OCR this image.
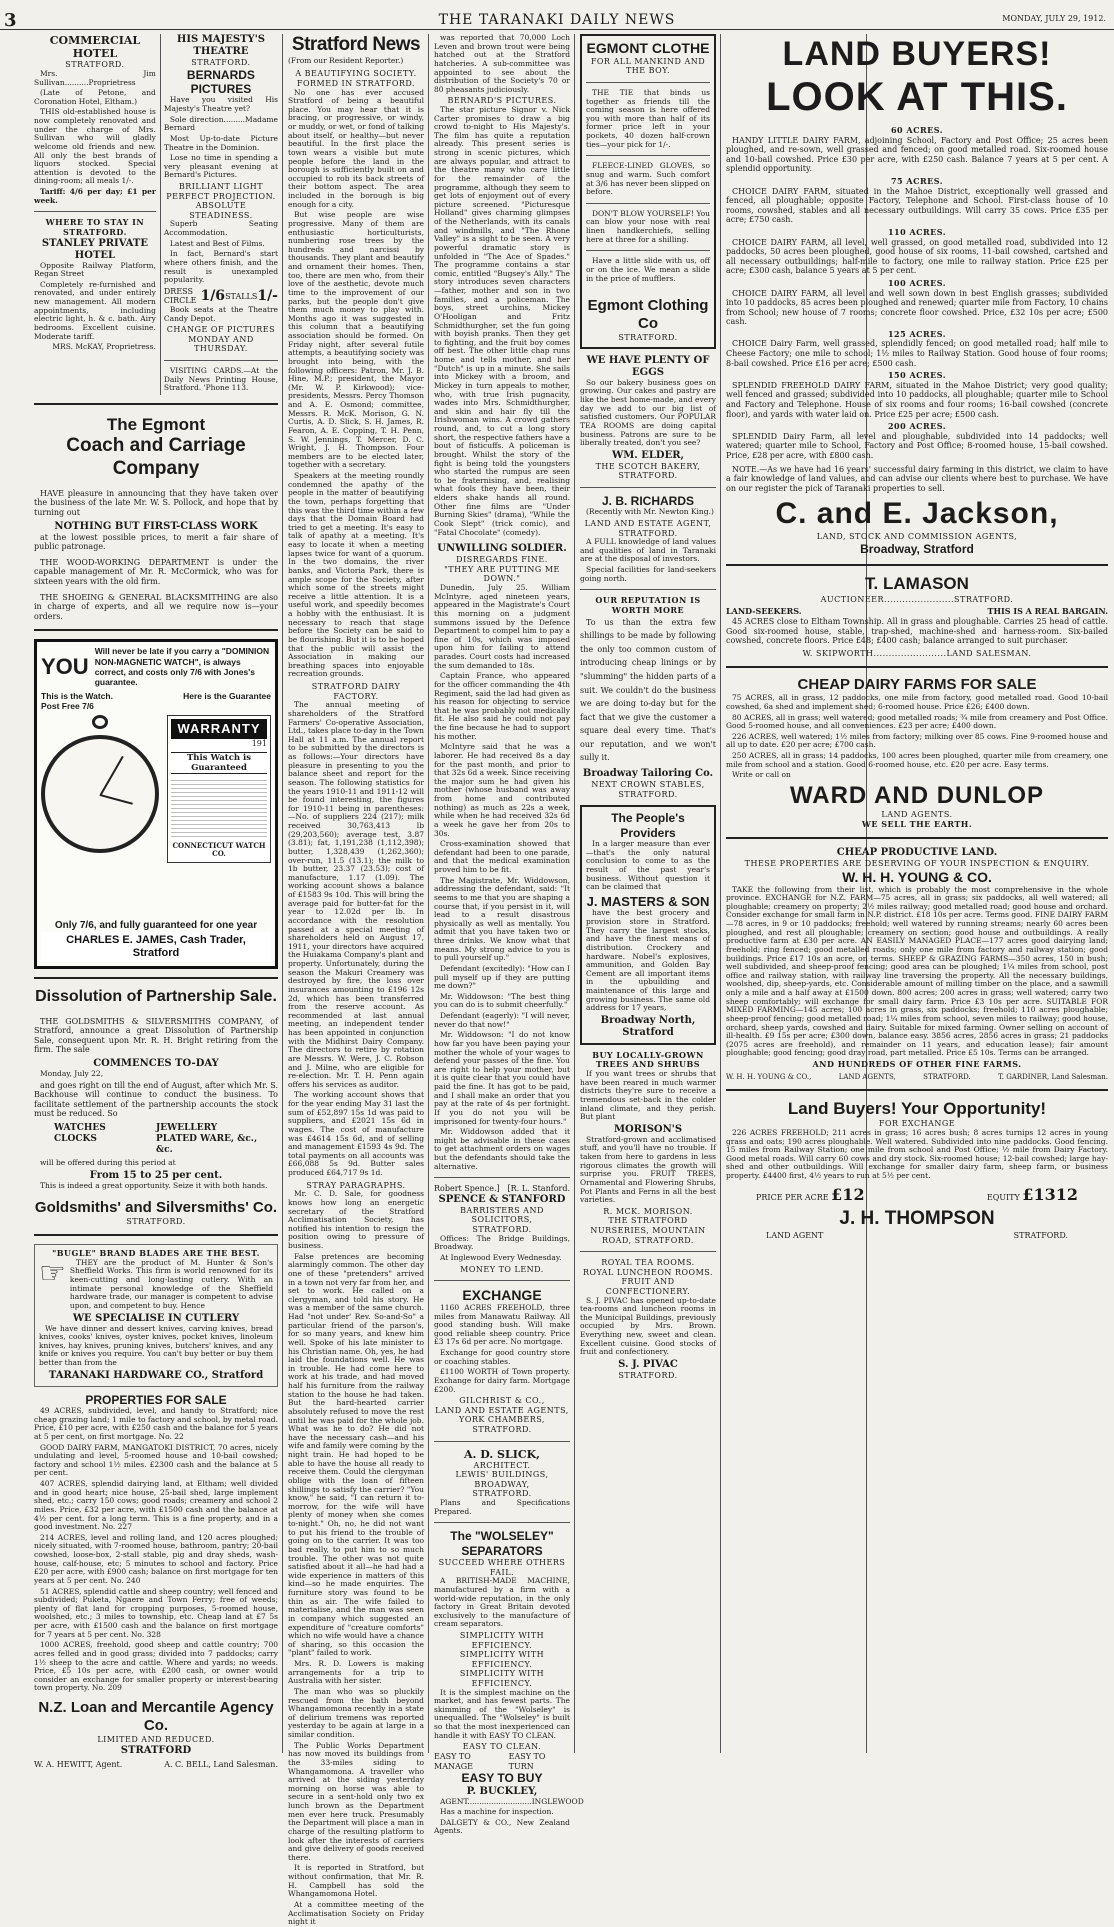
3	THE TARANAKI DAILY NEWS	MONDAY, JULY 29, 1912.
COMMERCIAL HOTEL
STRATFORD.
Mrs. Jim Sullivan..........Proprietress
(Late of Petone, and Coronation Hotel, Eltham.)
THIS old-established house is now completely renovated and under the charge of Mrs. Sullivan who will gladly welcome old friends and new. All only the best brands of liquors stocked. Special attention is devoted to the dining-room; all meals 1/-.
Tariff: 4/6 per day; £1 per week.
WHERE TO STAY IN STRATFORD.
STANLEY PRIVATE HOTEL
Opposite Railway Platform, Regan Street
Completely re-furnished and renovated, and under entirely new management. All modern appointments, including electric light, h. & c. bath. Airy bedrooms. Excellent cuisine. Moderate tariff.
MRS. McKAY, Proprietress.
HIS MAJESTY'S THEATRE
STRATFORD.
BERNARDS PICTURES
Have you visited His Majesty's Theatre yet?
Sole direction.........Madame Bernard
Most Up-to-date Picture Theatre in the Dominion.
Lose no time in spending a very pleasant evening at Bernard's Pictures.
BRILLIANT LIGHT
PERFECT PROJECTION.
ABSOLUTE STEADINESS.
Superb Seating Accommodation.
Latest and Best of Films.
In fact, Bernard's start where others finish, and the result is unexampled popularity.
DRESS CIRCLE 1/6 STALLS 1/-
Book seats at the Theatre Candy Depot.
CHANGE OF PICTURES
MONDAY AND THURSDAY.
VISITING CARDS.—At the Daily News Printing House, Stratford. 'Phone 113.
The Egmont
Coach and Carriage Company
HAVE pleasure in announcing that they have taken over the business of the late Mr. W. S. Pollock, and hope that by turning out
NOTHING BUT FIRST-CLASS WORK
at the lowest possible prices, to merit a fair share of public patronage.
THE WOOD-WORKING DEPARTMENT is under the capable management of Mr. R. McCormick, who was for sixteen years with the old firm.
THE SHOEING & GENERAL BLACKSMITHING are also in charge of experts, and all we require now is—your orders.
YOU
Will never be late if you carry a "DOMINION NON-MAGNETIC WATCH", is always correct, and costs only 7/6 with Jones's guarantee.
This is the Watch.	Here is the Guarantee
Post Free 7/6
WARRANTY
191
This Watch is Guaranteed
CONNECTICUT WATCH CO.
Only 7/6, and fully guaranteed for one year
CHARLES E. JAMES, Cash Trader, Stratford
Dissolution of Partnership Sale.
THE GOLDSMITHS & SILVERSMITHS COMPANY, of Stratford, announce a great Dissolution of Partnership Sale, consequent upon Mr. R. H. Bright retiring from the firm. The sale
COMMENCES TO-DAY
Monday, July 22,
and goes right on till the end of August, after which Mr. S. Backhouse will continue to conduct the business. To facilitate settlement of the partnership accounts the stock must be reduced. So
WATCHES	JEWELLERY
CLOCKS	PLATED WARE, &c., &c.
will be offered during this period at
From 15 to 25 per cent.
This is indeed a great opportunity. Seize it with both hands.
Goldsmiths' and Silversmiths' Co.
STRATFORD.
"BUGLE" BRAND BLADES ARE THE BEST.
☞	THEY are the product of M. Hunter & Son's Sheffield Works. This firm is world renowned for its keen-cutting and long-lasting cutlery. With an intimate personal knowledge of the Sheffield hardware trade, our manager is competent to advise upon, and competent to buy. Hence
WE SPECIALISE IN CUTLERY
We have dinner and dessert knives, carving knives, bread knives, cooks' knives, oyster knives, pocket knives, linoleum knives, hay knives, pruning knives, butchers' knives, and any knife or knives you require. You can't buy better or buy them better than from the
TARANAKI HARDWARE CO., Stratford
PROPERTIES FOR SALE
49 ACRES, subdivided, level, and handy to Stratford; nice cheap grazing land; 1 mile to factory and school, by metal road. Price, £10 per acre, with £250 cash and the balance for 5 years at 5 per cent, on first mortgage. No. 22
GOOD DAIRY FARM, MANGATOKI DISTRICT, 70 acres, nicely undulating and level, 5-roomed house and 10-bail cowshed; factory and school 1½ miles. £2300 cash and the balance at 5 per cent.
407 ACRES, splendid dairying land, at Eltham; well divided and in good heart; nice house, 25-bail shed, large implement shed, etc.; carry 150 cows; good roads; creamery and school 2 miles. Price, £32 per acre, with £1500 cash and the balance at 4½ per cent. for a long term. This is a fine property, and in a good investment. No. 227
214 ACRES, level and rolling land, and 120 acres ploughed; nicely situated, with 7-roomed house, bathroom, pantry; 20-bail cowshed, loose-box, 2-stall stable, pig and dray sheds, wash-house, calf-house, etc; 5 minutes to school and factory. Price £20 per acre, with £900 cash; balance on first mortgage for ten years at 5 per cent. No. 240
51 ACRES, splendid cattle and sheep country; well fenced and subdivided; Puketa, Ngaere and Town Ferry; free of weeds; plenty of flat land for cropping purposes, 5-roomed house, woolshed, etc.; 3 miles to township, etc. Cheap land at £7 5s per acre, with £1500 cash and the balance on first mortgage for 7 years at 5 per cent. No. 328
1000 ACRES, freehold, good sheep and cattle country; 700 acres felled and in good grass; divided into 7 paddocks; carry 1½ sheep to the acre and cattle. Where and yards; no weeds. Price, £5 10s per acre, with £200 cash, or owner would consider an exchange for smaller property or interest-bearing town property. No. 209
N.Z. Loan and Mercantile Agency Co.
LIMITED AND REDUCED.
STRATFORD
W. A. HEWITT, Agent.	A. C. BELL, Land Salesman.
Stratford News
(From our Resident Reporter.)
A BEAUTIFYING SOCIETY.
FORMED IN STRATFORD.
No one has ever accused Stratford of being a beautiful place. You may hear that it is bracing, or progressive, or windy, or muddy, or wet, or fond of talking about itself, or healthy—but never beautiful. In the first place the town wears a visible but mute people before the land in the borough is sufficiently built on and occupied to rob its back streets of their bottom aspect. The area included in the borough is big enough for a city.
But wise people are wise progressive. Many of them are enthusiastic horticulturists, numbering rose trees by the hundreds and narcissi by thousands. They plant and beautify and ornament their homes. Then, too, there are men who, from their love of the aesthetic, devote much time to the improvement of our parks, but the people don't give them much money to play with. Months ago it was suggested in this column that a beautifying association should be formed. On Friday night, after several futile attempts, a beautifying society was brought into being, with the following officers: Patron, Mr. J. B. Hine, M.P.; president, the Mayor (Mr. W. P. Kirkwood); vice-presidents, Messrs. Percy Thomson and A. E. Osmond; committee, Messrs. R. McK. Morison, G. N. Curtis, A. D. Slick, S. H. James, R. Fearon, A. E. Copping, T. H. Penn, S. W. Jennings, T. Mercer, D. C. Wright, J. H. Thompson. Four members are to be elected later, together with a secretary.
Speakers at the meeting roundly condemned the apathy of the people in the matter of beautifying the town, perhaps forgetting that this was the third time within a few days that the Domain Board had tried to get a meeting. It's easy to talk of apathy at a meeting. It's easy to locate it when a meeting lapses twice for want of a quorum. In the two domains, the river banks, and Victoria Park, there is ample scope for the Society, after which some of the streets might receive a little attention. It is a useful work, and speedily becomes a hobby with the enthusiast. It is necessary to reach that stage before the Society can be said to be flourishing. But it is to be hoped that the public will assist the Association in making our breathing spaces into enjoyable recreation grounds.
STRATFORD DAIRY FACTORY.
The annual meeting of shareholders of the Stratford Farmers' Co-operative Association, Ltd., takes place to-day in the Town Hall at 11 a.m. The annual report to be submitted by the directors is as follows:—Your directors have pleasure in presenting to you the balance sheet and report for the season. The following statistics for the years 1910-11 and 1911-12 will be found interesting, the figures for 1910-11 being in parentheses:—No. of suppliers 224 (217); milk received 30,763,413 lb (29,203,560); average test, 3.87 (3.81); fat, 1,191,238 (1,112,398); butter, 1,328,439 (1,262,360); over-run, 11.5 (13.1); the milk to 1b butter, 23.37 (23.53); cost of manufacture, 1.17 (1.09). The working account shows a balance of £1583 9s 10d. This will bring the average paid for butter-fat for the year to 12.02d per lb. In accordance with the resolution passed at a special meeting of shareholders held on August 17, 1911, your directors have acquired the Huiakama Company's plant and property. Unfortunately, during the season the Makuri Creamery was destroyed by fire, the loss over insurances amounting to £196 12s 2d, which has been transferred from the reserve account. As recommended at last annual meeting, an independent tender has been appointed in conjunction with the Midhirst Dairy Company. The directors to retire by rotation are Messrs. W. Were, J. C. Robson and J. Milne, who are eligible for re-election. Mr. T. H. Penn again offers his services as auditor.
The working account shows that for the year ending May 31 last the sum of £52,897 15s 1d was paid to suppliers, and £2021 15s 6d in wages. The cost of manufacture was £4614 15s 6d, and of selling and management £1593 4s 9d. The total payments on all accounts was £66,088 5s 9d. Butter sales produced £64,717 9s 1d.
STRAY PARAGRAPHS.
Mr. C. D. Sale, for goodness knows how long an energetic secretary of the Stratford Acclimatisation Society, has notified his intention to resign the position owing to pressure of business.
False pretences are becoming alarmingly common. The other day one of these "pretenders" arrived in a town not very far from her, and set to work. He called on a clergyman, and told his story. He was a member of the same church. Had "not under' Rev. So-and-So" a particular friend of the parson's, for so many years, and knew him well. Spoke of his late minister to his Christian name. Oh, yes, he had laid the foundations well. He was in trouble. He had come here to work at his trade, and had moved half his furniture from the railway station to the house he had taken. But the hard-hearted carrier absolutely refused to move the rest until he was paid for the whole job. What was he to do? He did not have the necessary cash—and his wife and family were coming by the night train. He had hoped to be able to have the house all ready to receive them. Could the clergyman oblige with the loan of fifteen shillings to satisfy the carrier? "You know," he said, "I can return it to-morrow, for the wife will have plenty of money when she comes to-night." Oh, no, he did not want to put his friend to the trouble of going on to the carrier. It was too bad really, to put him to so much trouble. The other was not quite satisfied about it all—he had had a wide experience in matters of this kind—so he made enquiries. The furniture story was found to be thin as air. The wife failed to materialise, and the man was seen in company which suggested an expenditure of "creature comforts" which no wife would have a chance of sharing, so this occasion the "plant" failed to work.
Mrs. R. D. Lowers is making arrangements for a trip to Australia with her sister.
The man who was so pluckily rescued from the bath beyond Whangamomona recently in a state of delirium tremens was reported yesterday to be again at large in a similar condition.
The Public Works Department has now moved its buildings from the 33-miles siding to Whangamomona. A traveller who arrived at the siding yesterday morning on horse was able to secure in a sent-hold only two ex lunch brown as the Department men ever here truck. Presumably the Department will place a man in charge of the resulting platform to look after the interests of carriers and give delivery of goods received there.
It is reported in Stratford, but without confirmation, that Mr. R. H. Campbell has sold the Whangamomona Hotel.
At a committee meeting of the Acclimatisation Society on Friday night it
was reported that 70,000 Loch Leven and brown trout were being hatched out at the Stratford hatcheries. A sub-committee was appointed to see about the distribution of the Society's 70 or 80 pheasants judiciously.
BERNARD'S PICTURES.
The star picture Signor v. Nick Carter promises to draw a big crowd to-night to His Majesty's. The film has quite a reputation already. This present series is strong in scenic pictures, which are always popular, and attract to the theatre many who care little for the remainder of the programme, although they seem to get lots of enjoyment out of every picture screened. "Picturesque Holland" gives charming glimpses of the Netherlands, with its canals and windmills, and "The Rhone Valley" is a sight to be seen. A very powerful dramatic story is unfolded in "The Ace of Spades." The programme contains a star comic, entitled "Bugsey's Ally." The story introduces seven characters—father, mother and son in two families, and a policeman. The boys, street urchins, Mickey O'Hooligan and Fritz Schmidthurgher, set the fun going with boyish pranks. Then they get to fighting, and the fruit boy comes off best. The other little chap runs home and tells mother, and her "Dutch" is up in a minute. She sails into Mickey with a broom, and Mickey in turn appeals to mother, who, with true Irish pugnacity, wades into Mrs. Schmidthurgher, and skin and hair fly till the Irishwoman wins. A crowd gathers round, and, to cut a long story short, the respective fathers have a bout of fisticuffs. A policeman is brought. Whilst the story of the fight is being told the youngsters who started the rumpus are seen to be fraternising, and, realising what fools they have been, their elders shake hands all round. Other fine films are "Under Burning Skies" (drama), "While the Cook Slept" (trick comic), and "Fatal Chocolate" (comedy).
UNWILLING SOLDIER.
DISREGARDS FINE.
"THEY ARE PUTTING ME DOWN."
Dunedin, July 25. William McIntyre, aged nineteen years, appeared in the Magistrate's Court this morning on a judgment summons issued by the Defence Department to compel him to pay a fine of 10s, which was imposed upon him for failing to attend parades. Court costs had increased the sum demanded to 18s.
Captain France, who appeared for the officer commanding the 4th Regiment, said the lad had given as his reason for objecting to service that he was probably not medically fit. He also said he could not pay the fine because he had to support his mother.
McIntyre said that he was a laborer. He had received 8s a day for the past month, and prior to that 32s 6d a week. Since receiving the major sum he had given his mother (whose husband was away from home and contributed nothing) as much as 22s a week, while when he had received 32s 6d a week he gave her from 20s to 30s.
Cross-examination showed that defendant had been to one parade, and that the medical examination proved him to be fit.
The Magistrate, Mr. Widdowson, addressing the defendant, said: "It seems to me that you are shaping a course that, if you persist in it, will lead to a result disastrous physically as well as mentally. You admit that you have taken two or three drinks. We know what that means. My strong advice to you is to pull yourself up."
Defendant (excitedly): "How can I pull myself up if they are putting me down?"
Mr. Widdowson: "The best thing you can do is to submit cheerfully."
Defendant (eagerly): "I will never, never do that now!"
Mr. Widdowson: "I do not know how far you have been paying your mother the whole of your wages to defend your passes of the fine. You are right to help your mother, but it is quite clear that you could have paid the fine. It has got to be paid, and I shall make an order that you pay at the rate of 4s per fortnight. If you do not you will be imprisoned for twenty-four hours."
Mr. Widdowson added that it might be advisable in these cases to get attachment orders on wages but the defendants should take the alternative.
Robert Spence.] [R. L. Stanford.
SPENCE & STANFORD
BARRISTERS AND SOLICITORS,
STRATFORD.
Offices: The Bridge Buildings, Broadway.
At Inglewood Every Wednesday.
MONEY TO LEND.
EXCHANGE
1160 ACRES FREEHOLD, three miles from Manawatu Railway. All good standing bush. Will make good reliable sheep country. Price £3 17s 6d per acre. No mortgage.
Exchange for good country store or coaching stables.
£1100 WORTH of Town property. Exchange for dairy farm. Mortgage £200.
GILCHRIST & CO.,
LAND AND ESTATE AGENTS,
YORK CHAMBERS,
STRATFORD.
A. D. SLICK,
ARCHITECT.
LEWIS' BUILDINGS, BROADWAY,
STRATFORD.
Plans and Specifications Prepared.
The "WOLSELEY" SEPARATORS
SUCCEED WHERE OTHERS FAIL.
A BRITISH-MADE MACHINE, manufactured by a firm with a world-wide reputation, in the only factory in Great Britain devoted exclusively to the manufacture of cream separators.
SIMPLICITY WITH EFFICIENCY.
SIMPLICITY WITH EFFICIENCY.
SIMPLICITY WITH EFFICIENCY.
It is the simplest machine on the market, and has fewest parts. The skimming of the "Wolseley" is unequalled. The "Wolseley" is built so that the most inexperienced can handle it with EASY TO CLEAN.
EASY TO CLEAN.
EASY TO MANAGE
EASY TO TURN
EASY TO BUY
P. BUCKLEY,
AGENT...........................INGLEWOOD
Has a machine for inspection.
DALGETY & CO., New Zealand Agents.
EGMONT CLOTHE
FOR ALL MANKIND AND THE BOY.
THE TIE that binds us together as friends till the coming season is here offered you with more than half of its former price left in your pockets, 40 dozen half-crown ties—your pick for 1/-.
FLEECE-LINED GLOVES, so snug and warm. Such comfort at 3/6 has never been slipped on before.
DON'T BLOW YOURSELF! You can blow your nose with real linen handkerchiefs, selling here at three for a shilling.
Have a little slide with us, off or on the ice. We mean a slide in the price of mufflers.
Egmont Clothing Co
STRATFORD.
WE HAVE PLENTY OF EGGS
So our bakery business goes on growing. Our cakes and pastry are like the best home-made, and every day we add to our big list of satisfied customers. Our POPULAR TEA ROOMS are doing capital business. Patrons are sure to be liberally treated, don't you see?
WM. ELDER,
THE SCOTCH BAKERY,
STRATFORD.
J. B. RICHARDS
(Recently with Mr. Newton King.)
LAND AND ESTATE AGENT,
STRATFORD.
A FULL knowledge of land values and qualities of land in Taranaki are at the disposal of investors.
Special facilities for land-seekers going north.
OUR REPUTATION IS WORTH MORE
To us than the extra few shillings to be made by following the only too common custom of introducing cheap linings or by "slumming" the hidden parts of a suit. We couldn't do the business we are doing to-day but for the fact that we give the customer a square deal every time. That's our reputation, and we won't sully it.
Broadway Tailoring Co.
NEXT CROWN STABLES,
STRATFORD.
The People's Providers
In a larger measure than ever—that's the only natural conclusion to come to as the result of the past year's business. Without question it can be claimed that
J. MASTERS & SON
have the best grocery and provision store in Stratford. They carry the largest stocks, and have the finest means of distribution. Crockery and hardware. Nobel's explosives, ammunition, and Golden Bay Cement are all important items in the upbuilding and maintenance of this large and growing business. The same old address for 17 years,
Broadway North, Stratford
BUY LOCALLY-GROWN TREES AND SHRUBS
If you want trees or shrubs that have been reared in much warmer districts they're sure to receive a tremendous set-back in the colder inland climate, and they perish. But plant
MORISON'S
Stratford-grown and acclimatised stuff, and you'll have no trouble. If taken from here to gardens in less rigorous climates the growth will surprise you. FRUIT TREES, Ornamental and Flowering Shrubs, Pot Plants and Ferns in all the best varieties.
R. MCK. MORISON.
THE STRATFORD NURSERIES, MOUNTAIN ROAD, STRATFORD.
ROYAL TEA ROOMS.
ROYAL LUNCHEON ROOMS.
FRUIT AND CONFECTIONERY.
S. J. PIVAC has opened up-to-date tea-rooms and luncheon rooms in the Municipal Buildings, previously occupied by Mrs. Brown. Everything new, sweet and clean. Excellent cuisine. Good stocks of fruit and confectionery.
S. J. PIVAC
STRATFORD.
LAND BUYERS!
LOOK AT THIS.
60 ACRES.
HANDY LITTLE DAIRY FARM, adjoining School, Factory and Post Office; 25 acres been ploughed, and re-sown, well grassed and fenced; on good metalled road. Six-roomed house and 10-bail cowshed. Price £30 per acre, with £250 cash. Balance 7 years at 5 per cent. A splendid opportunity.
75 ACRES.
CHOICE DAIRY FARM, situated in the Mahoe District, exceptionally well grassed and fenced, all ploughable; opposite Factory, Telephone and School. First-class house of 10 rooms, cowshed, stables and all necessary outbuildings. Will carry 35 cows. Price £35 per acre; £750 cash.
110 ACRES.
CHOICE DAIRY FARM, all level, well grassed, on good metalled road, subdivided into 12 paddocks, 50 acres been ploughed, good house of six rooms, 11-bail cowshed, cartshed and all necessary outbuildings; half-mile to factory, one mile to railway station. Price £25 per acre; £300 cash, balance 5 years at 5 per cent.
100 ACRES.
CHOICE DAIRY FARM, all level and well sown down in best English grasses; subdivided into 10 paddocks, 85 acres been ploughed and renewed; quarter mile from Factory, 10 chains from School; new house of 7 rooms; concrete floor cowshed. Price, £32 10s per acre; £500 cash.
125 ACRES.
CHOICE Dairy Farm, well grassed, splendidly fenced; on good metalled road; half mile to Cheese Factory; one mile to school; 1½ miles to Railway Station. Good house of four rooms; 8-bail cowshed. Price £16 per acre; £500 cash.
150 ACRES.
SPLENDID FREEHOLD DAIRY FARM, situated in the Mahoe District; very good quality; well fenced and grassed; subdivided into 10 paddocks, all ploughable; quarter mile to School and Factory and Telephone. House of six rooms and four rooms; 16-bail cowshed (concrete floor), and yards with water laid on. Price £25 per acre; £500 cash.
200 ACRES.
SPLENDID Dairy Farm, all level and ploughable, subdivided into 14 paddocks; well watered; quarter mile to School, Factory and Post Office; 8-roomed house, 15-bail cowshed. Price, £28 per acre, with £800 cash.
NOTE.—As we have had 16 years' successful dairy farming in this district, we claim to have a fair knowledge of land values, and can advise our clients where best to purchase. We have on our register the pick of Taranaki properties to sell.
C. and E. Jackson,
LAND, STOCK AND COMMISSION AGENTS,
Broadway, Stratford
T. LAMASON
AUCTIONEER.......................STRATFORD.
LAND-SEEKERS.	THIS IS A REAL BARGAIN.
45 ACRES close to Eltham Township. All in grass and ploughable. Carries 25 head of cattle. Good six-roomed house, stable, trap-shed, machine-shed and harness-room. Six-bailed cowshed, concrete floors. Price £48; £400 cash; balance arranged to suit purchaser.
W. SKIPWORTH........................LAND SALESMAN.
CHEAP DAIRY FARMS FOR SALE
75 ACRES, all in grass, 12 paddocks, one mile from factory, good metalled road. Good 10-bail cowshed, 6a shed and implement shed; 6-roomed house. Price £26; £400 down.
80 ACRES, all in grass; well watered; good metalled roads; ¾ mile from creamery and Post Office. Good 5-roomed house, and all conveniences. £23 per acre; £400 down.
226 ACRES, well watered; 1½ miles from factory; milking over 85 cows. Fine 9-roomed house and all up to date. £20 per acre; £700 cash.
250 ACRES, all in grass; 14 paddocks, 100 acres been ploughed, quarter mile from creamery, one mile from school and a station. Good 6-roomed house, etc. £20 per acre. Easy terms.
Write or call on
WARD AND DUNLOP
LAND AGENTS.
WE SELL THE EARTH.
CHEAP PRODUCTIVE LAND.
THESE PROPERTIES ARE DESERVING OF YOUR INSPECTION & ENQUIRY.
W. H. H. YOUNG & CO.
TAKE the following from their list, which is probably the most comprehensive in the whole province. EXCHANGE for N.Z. FARM—75 acres, all in grass; six paddocks, all well watered; all ploughable; creamery on property; 2½ miles railway; good metalled road; good house and orchard. Consider exchange for small farm in N.P. district. £18 10s per acre. Terms good. FINE DAIRY FARM—78 acres, in 9 or 10 paddocks; freehold; well watered by running streams; nearly 60 acres been ploughed, and rest all ploughable; creamery on section; good house and outbuildings. A really productive farm at £30 per acre. AN EASILY MANAGED PLACE—177 acres good dairying land; freehold; ring fenced; good metalled roads; only one mile from factory and railway station; good buildings. Price £17 10s an acre, on terms. SHEEP & GRAZING FARMS—350 acres, 150 in bush; well subdivided, and sheep-proof fencing; good area can be ploughed; 1¼ miles from school, post office and railway station, with railway line traversing the property. All the necessary buildings, woolshed, dip, sheep-yards, etc. Considerable amount of milling timber on the place, and a sawmill only a mile and a half away at £1500 down. 800 acres; 200 acres in grass; well watered; carry two sheep comfortably; will exchange for small dairy farm. Price £3 10s per acre. SUITABLE FOR MIXED FARMING—145 acres; 100 acres in grass, six paddocks; freehold; 110 acres ploughable; sheep-proof fencing; good metalled road; 1¼ miles from school, seven miles to railway; good house, orchard, sheep yards, cowshed and dairy. Suitable for mixed farming. Owner selling on account of ill-health. £9 15s per acre; £300 down, balance easy. 3856 acres, 2856 acres in grass; 21 paddocks (2075 acres are freehold), and remainder on 11 years, and education lease); fair amount ploughable; good fencing; good dray road, part metalled. Price £5 10s. Terms can be arranged.
AND HUNDREDS OF OTHER FINE FARMS.
W. H. H. YOUNG & CO.,	LAND AGENTS,	STRATFORD.	T. GARDINER, Land Salesman.
Land Buyers! Your Opportunity!
FOR EXCHANGE
226 ACRES FREEHOLD; 211 acres in grass; 16 acres bush; 8 acres turnips 12 acres in young grass and oats; 190 acres ploughable. Well watered. Subdivided into nine paddocks. Good fencing. 15 miles from Railway Station; one mile from school and Post Office; ½ mile from Dairy Factory. Good metal roads. Will carry 60 cows and dry stock. Six-roomed house; 12-bail cowshed; large hay-shed and other outbuildings. Will exchange for smaller dairy farm, sheep farm, or business property. £4400 first, 4½ years to run at 5½ per cent.
PRICE PER ACRE £12	EQUITY £1312
J. H. THOMPSON
LAND AGENT	STRATFORD.
